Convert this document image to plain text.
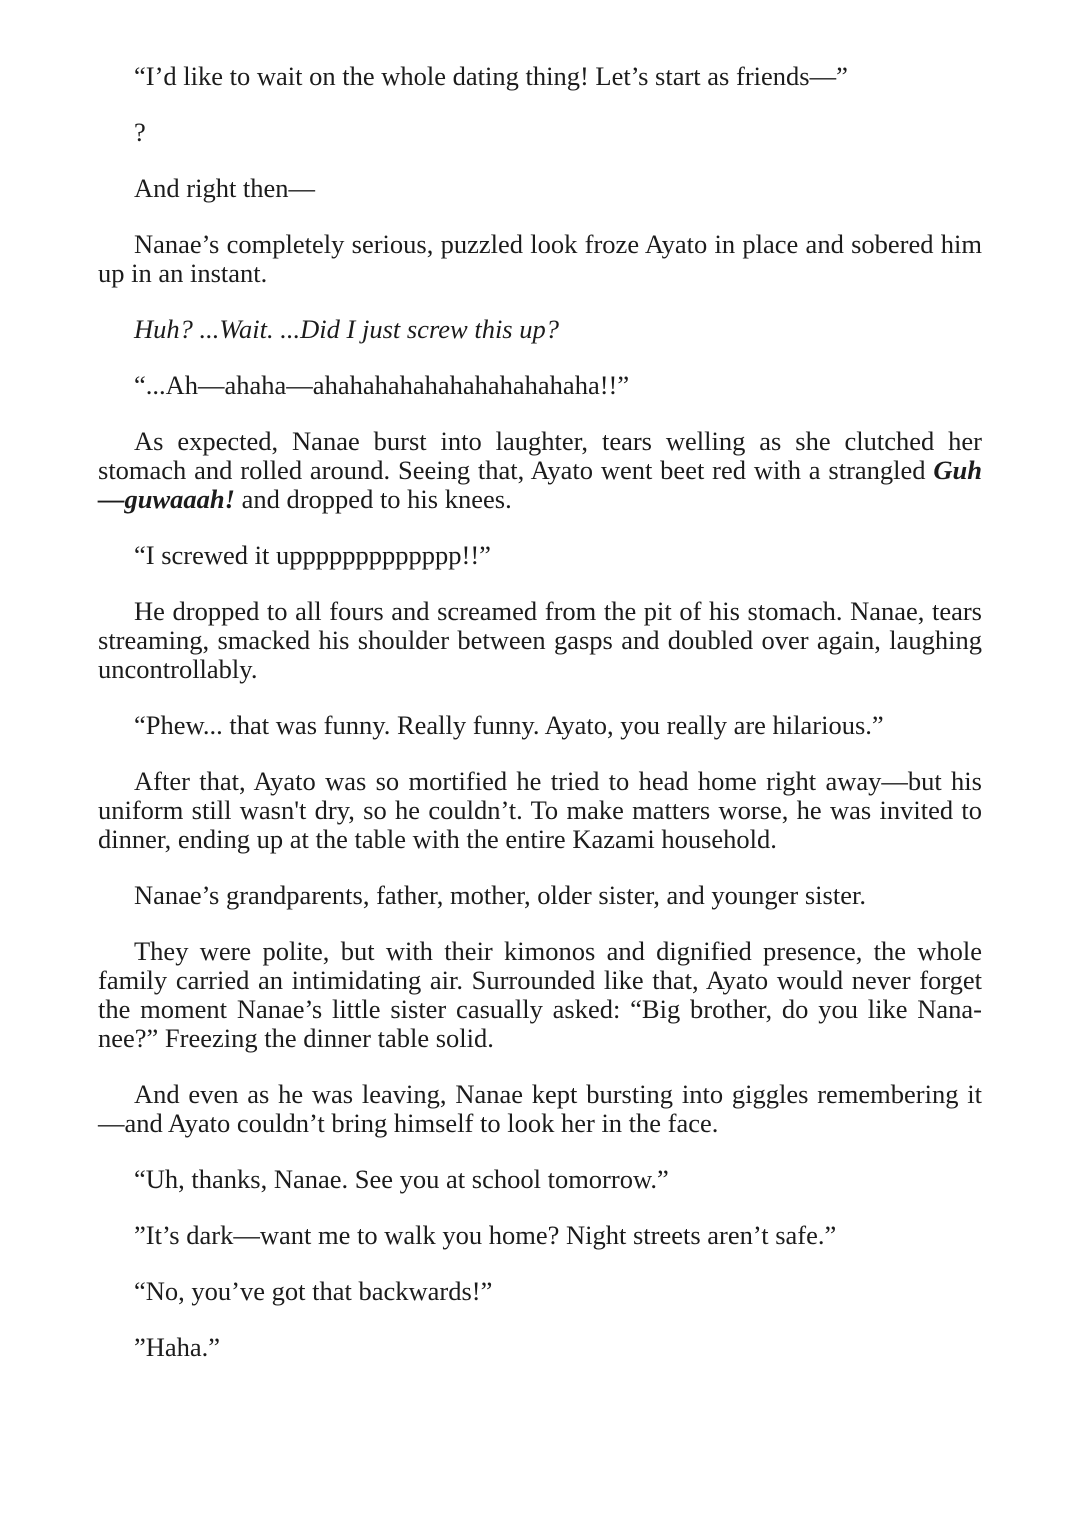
“I’d like to wait on the whole dating thing! Let’s start as friends—”

?

And right then—

Nanae’s completely serious, puzzled look froze Ayato in place and sobered him up in an instant.

Huh? ...Wait. ...Did I just screw this up?

“...Ah—ahaha—ahahahahahahahahahahaha!!”

As expected, Nanae burst into laughter, tears welling as she clutched her stomach and rolled around. Seeing that, Ayato went beet red with a strangled Guh—guwaaah! and dropped to his knees.

“I screwed it uppppppppppppp!!”

He dropped to all fours and screamed from the pit of his stomach. Nanae, tears streaming, smacked his shoulder between gasps and doubled over again, laughing uncontrollably.

“Phew... that was funny. Really funny. Ayato, you really are hilarious.”

After that, Ayato was so mortified he tried to head home right away—but his uniform still wasn't dry, so he couldn’t. To make matters worse, he was invited to dinner, ending up at the table with the entire Kazami household.

Nanae’s grandparents, father, mother, older sister, and younger sister.

They were polite, but with their kimonos and dignified presence, the whole family carried an intimidating air. Surrounded like that, Ayato would never forget the moment Nanae’s little sister casually asked: “Big brother, do you like Nana-nee?” Freezing the dinner table solid.

And even as he was leaving, Nanae kept bursting into giggles remembering it—and Ayato couldn’t bring himself to look her in the face.

“Uh, thanks, Nanae. See you at school tomorrow.”

”It’s dark—want me to walk you home? Night streets aren’t safe.”

“No, you’ve got that backwards!”

”Haha.”
